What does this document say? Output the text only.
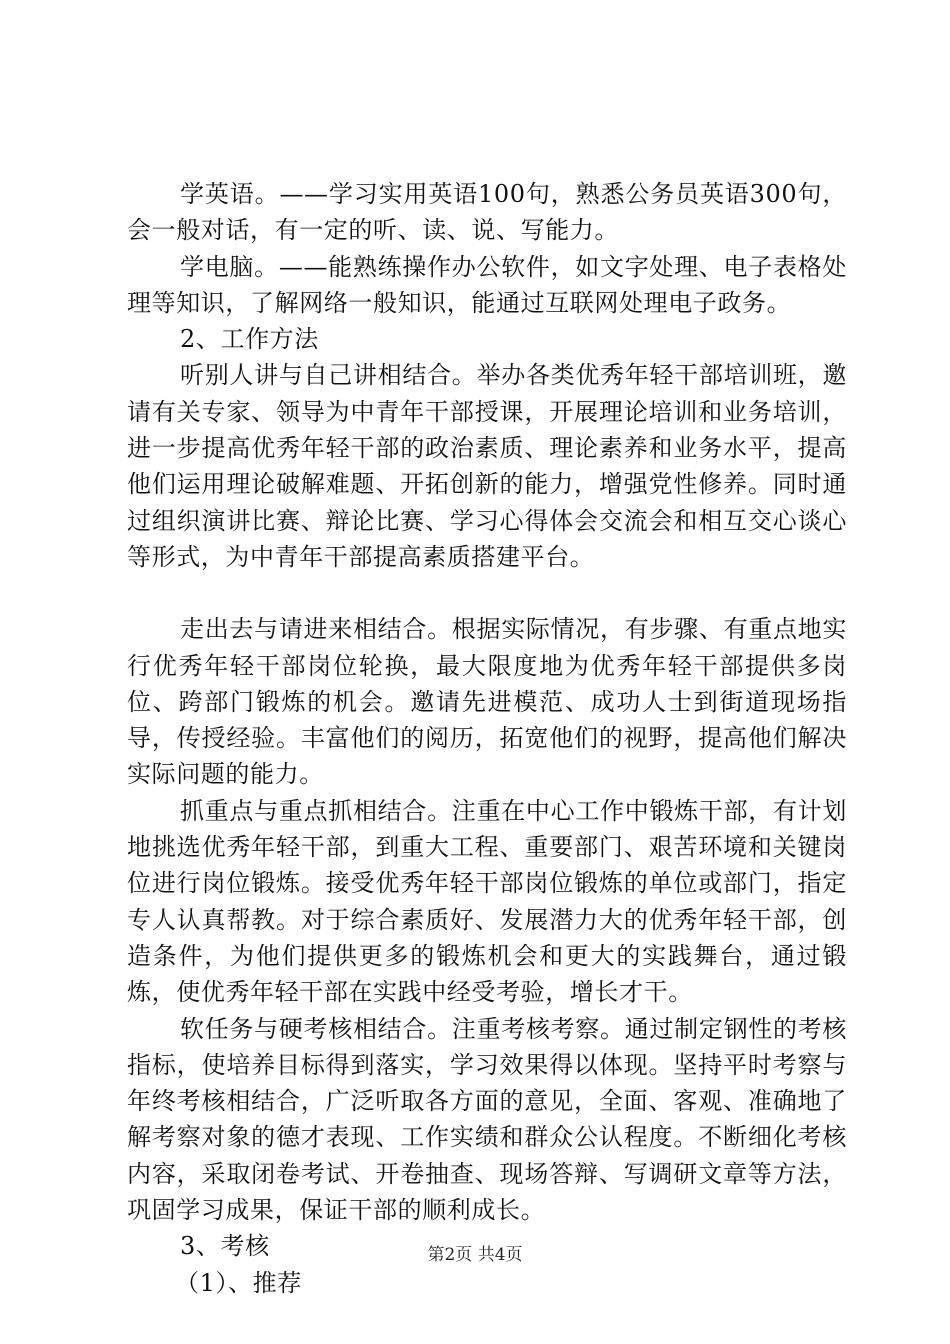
学英语。——学习实用英语100句，熟悉公务员英语300句，会一般对话，有一定的听、读、说、写能力。

学电脑。——能熟练操作办公软件，如文字处理、电子表格处理等知识，了解网络一般知识，能通过互联网处理电子政务。

2、工作方法

听别人讲与自己讲相结合。举办各类优秀年轻干部培训班，邀请有关专家、领导为中青年干部授课，开展理论培训和业务培训，进一步提高优秀年轻干部的政治素质、理论素养和业务水平，提高他们运用理论破解难题、开拓创新的能力，增强党性修养。同时通过组织演讲比赛、辩论比赛、学习心得体会交流会和相互交心谈心等形式，为中青年干部提高素质搭建平台。

走出去与请进来相结合。根据实际情况，有步骤、有重点地实行优秀年轻干部岗位轮换，最大限度地为优秀年轻干部提供多岗位、跨部门锻炼的机会。邀请先进模范、成功人士到街道现场指导，传授经验。丰富他们的阅历，拓宽他们的视野，提高他们解决实际问题的能力。

抓重点与重点抓相结合。注重在中心工作中锻炼干部，有计划地挑选优秀年轻干部，到重大工程、重要部门、艰苦环境和关键岗位进行岗位锻炼。接受优秀年轻干部岗位锻炼的单位或部门，指定专人认真帮教。对于综合素质好、发展潜力大的优秀年轻干部，创造条件，为他们提供更多的锻炼机会和更大的实践舞台，通过锻炼，使优秀年轻干部在实践中经受考验，增长才干。

软任务与硬考核相结合。注重考核考察。通过制定钢性的考核指标，使培养目标得到落实，学习效果得以体现。坚持平时考察与年终考核相结合，广泛听取各方面的意见，全面、客观、准确地了解考察对象的德才表现、工作实绩和群众公认程度。不断细化考核内容，采取闭卷考试、开卷抽查、现场答辩、写调研文章等方法，巩固学习成果，保证干部的顺利成长。

3、考核

（1）、推荐

第2页 共4页
